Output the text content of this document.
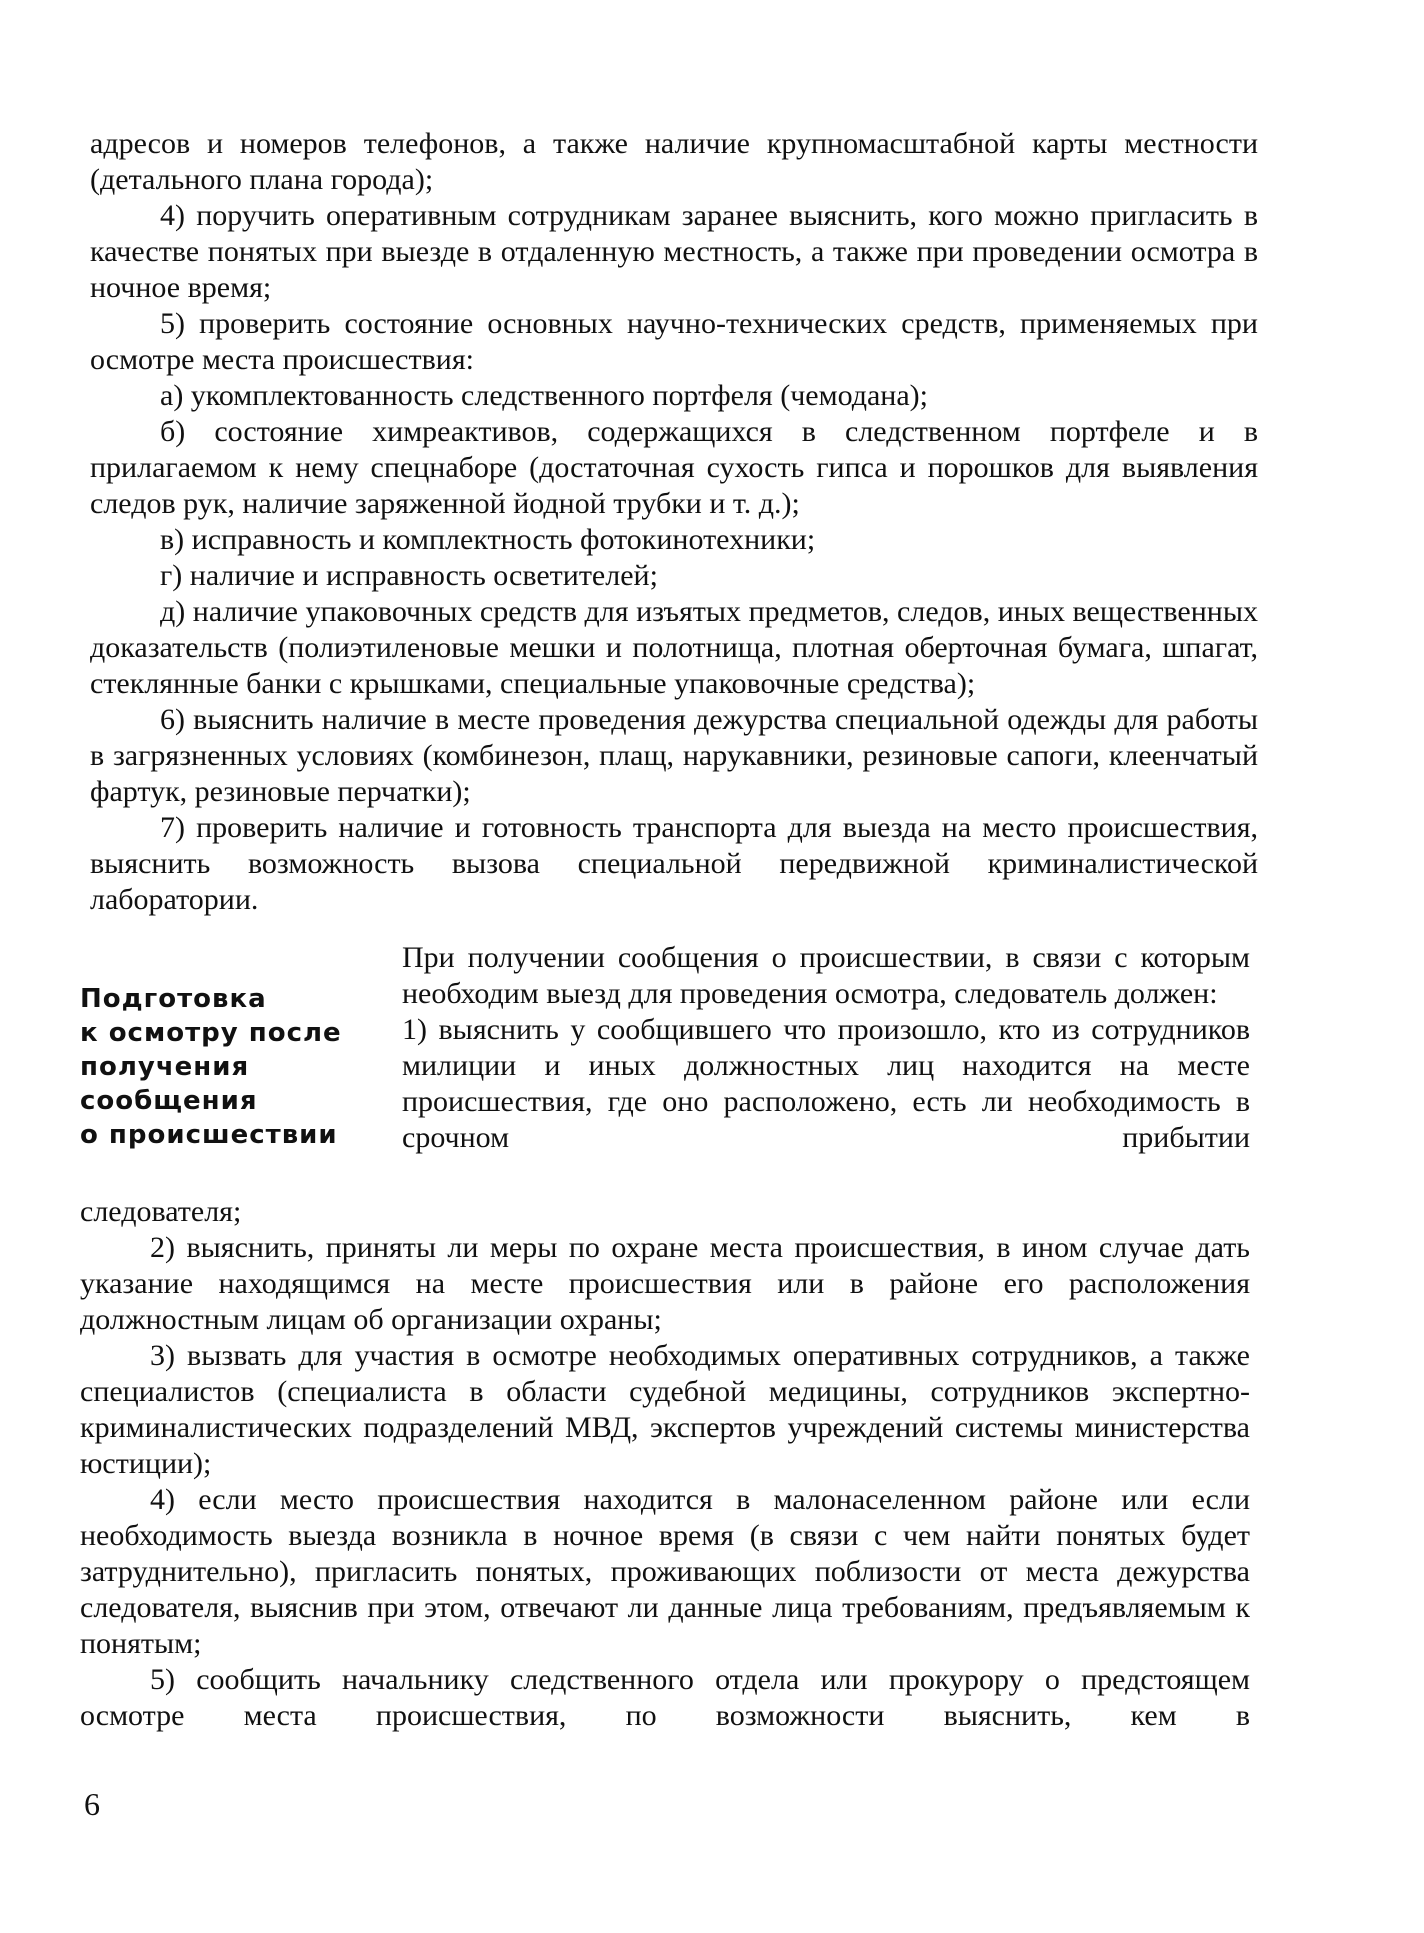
адресов и номеров телефонов, а также наличие крупномасштабной карты местности (детального плана города);

4) поручить оперативным сотрудникам заранее выяснить, кого можно пригласить в качестве понятых при выезде в отдаленную местность, а также при проведении осмотра в ночное время;

5) проверить состояние основных научно-технических средств, применяемых при осмотре места происшествия:

а) укомплектованность следственного портфеля (чемодана);

б) состояние химреактивов, содержащихся в следственном портфеле и в прилагаемом к нему спецнаборе (достаточная сухость гипса и порошков для выявления следов рук, наличие заряженной йодной трубки и т. д.);

в) исправность и комплектность фотокинотехники;

г) наличие и исправность осветителей;

д) наличие упаковочных средств для изъятых предметов, следов, иных вещественных доказательств (полиэтиленовые мешки и полотнища, плотная оберточная бумага, шпагат, стеклянные банки с крышками, специальные упаковочные средства);

6) выяснить наличие в месте проведения дежурства специальной одежды для работы в загрязненных условиях (комбинезон, плащ, нарукавники, резиновые сапоги, клеенчатый фартук, резиновые перчатки);

7) проверить наличие и готовность транспорта для выезда на место происшествия, выяснить возможность вызова специальной передвижной криминалистической лаборатории.

Подготовка
к осмотру после
получения
сообщения
о происшествии

При получении сообщения о происшествии, в связи с которым необходим выезд для проведения осмотра, следователь должен:

1) выяснить у сообщившего что произошло, кто из сотрудников милиции и иных должностных лиц находится на месте происшествия, где оно расположено, есть ли необходимость в срочном прибытии

следователя;

2) выяснить, приняты ли меры по охране места происшествия, в ином случае дать указание находящимся на месте происшествия или в районе его расположения должностным лицам об организации охраны;

3) вызвать для участия в осмотре необходимых оперативных сотрудников, а также специалистов (специалиста в области судебной медицины, сотрудников экспертно-криминалистических подразделений МВД, экспертов учреждений системы министерства юстиции);

4) если место происшествия находится в малонаселенном районе или если необходимость выезда возникла в ночное время (в связи с чем найти понятых будет затруднительно), пригласить понятых, проживающих поблизости от места дежурства следователя, выяснив при этом, отвечают ли данные лица требованиям, предъявляемым к понятым;

5) сообщить начальнику следственного отдела или прокурору о предстоящем осмотре места происшествия, по возможности выяснить, кем в

6
